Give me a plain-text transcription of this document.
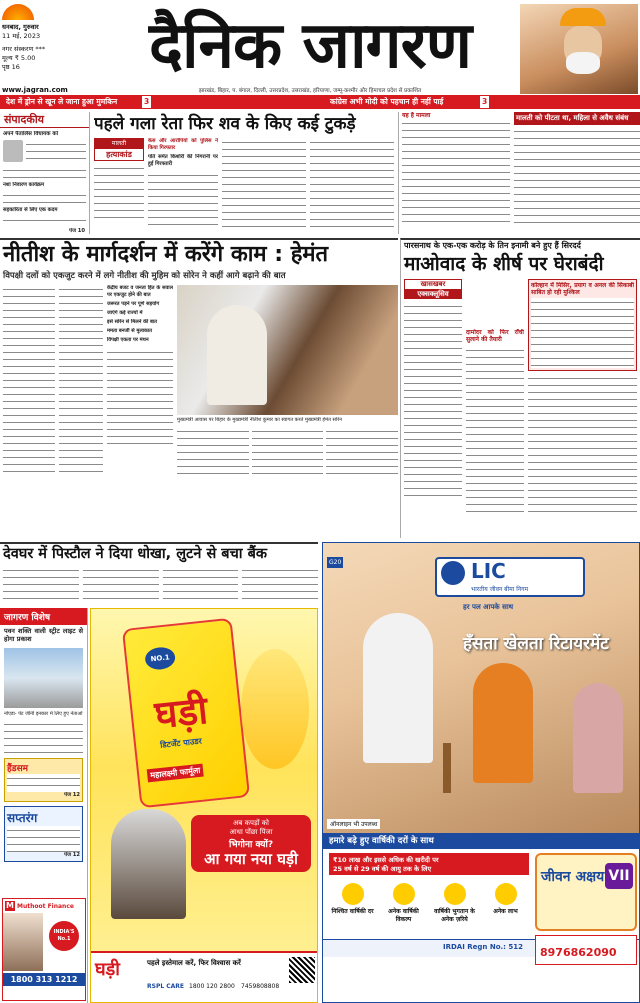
धनबाद, गुरुवार
11 मई, 2023
नगर संस्करण ***
मूल्य ₹ 5.00
पृष्ठ 16
www.jagran.com
दैनिक जागरण
झारखंड, बिहार, प. बंगाल, दिल्ली, उत्तरप्रदेश, उत्तराखंड, हरियाणा, जम्मू-कश्मीर और हिमाचल प्रदेश से प्रकाशित
देश में ड्रोन से खून ले जाना हुआ मुमकिन	3	कांग्रेस अभी मोदी को पहचान ही नहीं पाई	3
संपादकीय
अपने पैतालिस विधायक को
नशा निवारण कार्यक्रम
सहकारिता से लिए एक कदम
पेज 10
पहले गला रेता फिर शव के किए कई टुकड़े
मालती
हत्याकांड
केस और आरोपियों को पुलिस ने किया गिरफ्तार
पति समेत किशोरी की निगरानी पर हुई गिरफ्तारी
यह है मामला	मालती को पीटता था, महिला से अवैध संबंध
नीतीश के मार्गदर्शन में करेंगे काम : हेमंत
विपक्षी दलों को एकजुट करने में लगे नीतीश की मुहिम को सोरेन ने कहीं आगे बढ़ाने की बात
केंद्रीय बजट व जनता हित के सवाल पर एकजुट होने की बात
जरूरत पड़ने पर पूर्ण सहयोग
जाएंगे कई राज्यों में
इसे सोरेन से मिलने की बात
ममता बनर्जी से मुलाकात
विपक्षी एकता पर मंथन
मुख्यमंत्री आवास पर बिहार के मुख्यमंत्री नीतीश कुमार का स्वागत करते मुख्यमंत्री हेमंत सोरेन
पारसनाथ के एक-एक करोड़ के तिन इनामी बने हुए हैं सिरदर्द
माओवाद के शीर्ष पर घेराबंदी
खासखबर
एक्सक्लूसिव
दामोदर को फिर राँची सुलाने की तैयारी
कोल्हान में मिसिर, प्रयाग व अनल की सिकाबी साबित हो रही मुश्किल
देवघर में पिस्टौल ने दिया धोखा, लुटने से बचा बैंक
जागरण विशेष
पवन शक्ति वाली स्ट्रीट लाइट से होगा प्रकाश
नोएडा- पेट जीनी इनकार में लिए हुए नेताओं
हैंडसम
पेज 12
सप्तरंग
पेज 12
M Muthoot Finance
INDIA'S No.1
1800 313 1212
NO.1
घड़ी
डिटर्जेंट पाउडर
महालक्ष्मी फार्मूला
अब कपड़ों को
आधा पोंछा पिंजा
भिगोना क्यों?
आ गया नया घड़ी
घड़ी	पहले इस्तेमाल करें, फिर विश्वास करें
RSPL CARE 1800 120 2800 7459808808
LIC
भारतीय जीवन बीमा निगम
G20
हर पल आपके साथ
हँसता खेलता रिटायरमेंट
ऑनलाइन भी उपलब्ध
हमारे बढ़े हुए वार्षिकी दरों के साथ
₹10 लाख और इससे अधिक की खरीदी पर
25 वर्ष से 29 वर्ष की आयु तक के लिए	जीवन अक्षय VII
निश्चित वार्षिकी दर	अनेक वार्षिकी विकल्प
वार्षिकी भुगतान के अनेक ज़रिये
अनेक लाभ
IRDAI Regn No.: 512 8976862090
